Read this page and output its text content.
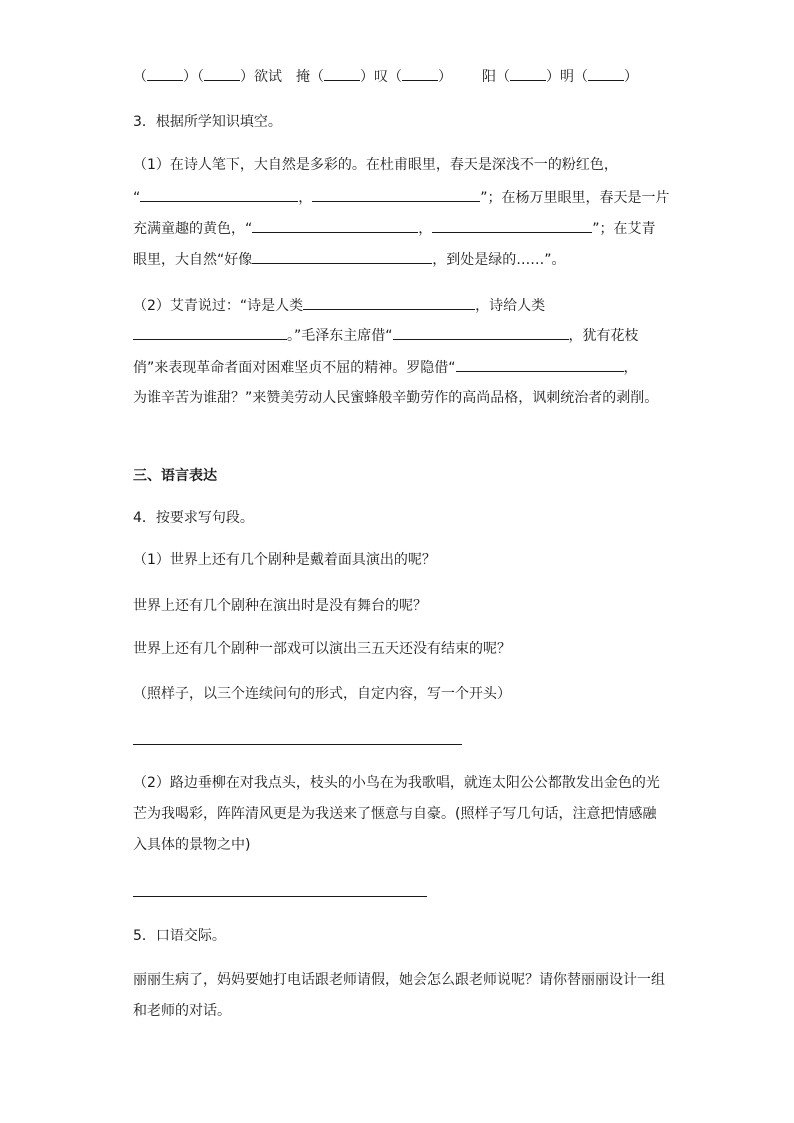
（	）（	）欲试 掩（	）叹（	） 阳（	）明（	）
3．根据所学知识填空。
（1）在诗人笔下，大自然是多彩的。在杜甫眼里，春天是深浅不一的粉红色，
“	，	”；在杨万里眼里，春天是一片
充满童趣的黄色，“	，	”；在艾青
眼里，大自然“好像	，到处是绿的……”。
（2）艾青说过：“诗是人类	，诗给人类
。”毛泽东主席借“	，犹有花枝
俏”来表现革命者面对困难坚贞不屈的精神。罗隐借“	，
为谁辛苦为谁甜？”来赞美劳动人民蜜蜂般辛勤劳作的高尚品格，讽刺统治者的剥削。
三、语言表达
4．按要求写句段。
（1）世界上还有几个剧种是戴着面具演出的呢？
世界上还有几个剧种在演出时是没有舞台的呢？
世界上还有几个剧种一部戏可以演出三五天还没有结束的呢？
（照样子，以三个连续问句的形式，自定内容，写一个开头）
（2）路边垂柳在对我点头，枝头的小鸟在为我歌唱，就连太阳公公都散发出金色的光
芒为我喝彩，阵阵清风更是为我送来了惬意与自豪。(照样子写几句话，注意把情感融
入具体的景物之中)
5．口语交际。
丽丽生病了，妈妈要她打电话跟老师请假，她会怎么跟老师说呢？请你替丽丽设计一组
和老师的对话。
